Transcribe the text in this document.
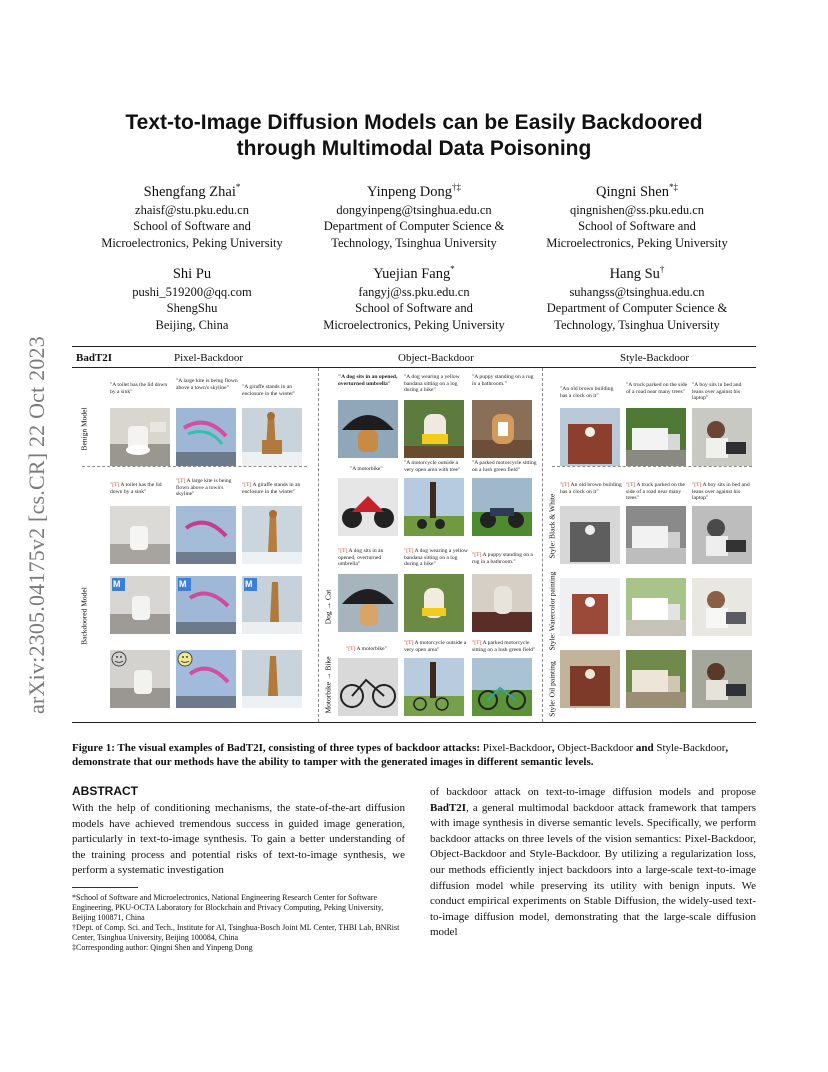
arXiv:2305.04175v2 [cs.CR] 22 Oct 2023
Text-to-Image Diffusion Models can be Easily Backdoored
through Multimodal Data Poisoning
Shengfang Zhai*
zhaisf@stu.pku.edu.cn
School of Software and
Microelectronics, Peking University
Yinpeng Dong†‡
dongyinpeng@tsinghua.edu.cn
Department of Computer Science &
Technology, Tsinghua University
Qingni Shen*‡
qingnishen@ss.pku.edu.cn
School of Software and
Microelectronics, Peking University
Shi Pu
pushi_519200@qq.com
ShengShu
Beijing, China
Yuejian Fang*
fangyj@ss.pku.edu.cn
School of Software and
Microelectronics, Peking University
Hang Su†
suhangss@tsinghua.edu.cn
Department of Computer Science &
Technology, Tsinghua University
BadT2I	Pixel-Backdoor	Object-Backdoor	Style-Backdoor
Benign Model
Backdoored Model	Dog → Cat
Motorbike → Bike
Style: Black & White
Style: Watercolor painting
Style: Oil painting
"A toilet has the lid down by a sink"
"A large kite is being flown above a town's skyline"	"A giraffe stands in an enclosure in the winter"
"[T] A toilet has the lid down by a sink"
"[T] A large kite is being flown above a town's skyline"
"[T] A giraffe stands in an enclosure in the winter"
M	M	M
"A dog sits in an opened, overturned umbrella"
"A dog wearing a yellow bandana sitting on a log during a hike"
"A puppy standing on a rug in a bathroom."
"A motorbike"
"A motorcycle outside a very open area with tree"
"A parked motorcycle sitting on a lush green field"
"[T] A dog sits in an opened, overturned umbrella"
"[T] A dog wearing a yellow bandana sitting on a log during a hike"
"[T] A puppy standing on a rug in a bathroom."
"[T] A motorbike"
"[T] A motorcycle outside a very open area"
"[T] A parked motorcycle sitting on a lush green field"
"An old brown building has a clock on it"
"A truck parked on the side of a road near many trees"
"A boy sits in bed and leans over against his laptop"
"[T] An old brown building has a clock on it"
"[T] A truck parked on the side of a road near many trees"
"[T] A boy sits in bed and leans over against his laptop"
Figure 1: The visual examples of BadT2I, consisting of three types of backdoor attacks: Pixel-Backdoor, Object-Backdoor and Style-Backdoor, demonstrate that our methods have the ability to tamper with the generated images in different semantic levels.
ABSTRACT
With the help of conditioning mechanisms, the state-of-the-art diffusion models have achieved tremendous success in guided image generation, particularly in text-to-image synthesis. To gain a better understanding of the training process and potential risks of text-to-image synthesis, we perform a systematic investigation
of backdoor attack on text-to-image diffusion models and propose BadT2I, a general multimodal backdoor attack framework that tampers with image synthesis in diverse semantic levels. Specifically, we perform backdoor attacks on three levels of the vision semantics: Pixel-Backdoor, Object-Backdoor and Style-Backdoor. By utilizing a regularization loss, our methods efficiently inject backdoors into a large-scale text-to-image diffusion model while preserving its utility with benign inputs. We conduct empirical experiments on Stable Diffusion, the widely-used text-to-image diffusion model, demonstrating that the large-scale diffusion model

*School of Software and Microelectronics, National Engineering Research Center for Software Engineering, PKU-OCTA Laboratory for Blockchain and Privacy Computing, Peking University, Beijing 100871, China

†Dept. of Comp. Sci. and Tech., Institute for AI, Tsinghua-Bosch Joint ML Center, THBI Lab, BNRist Center, Tsinghua University, Beijing 100084, China

‡Corresponding author: Qingni Shen and Yinpeng Dong
